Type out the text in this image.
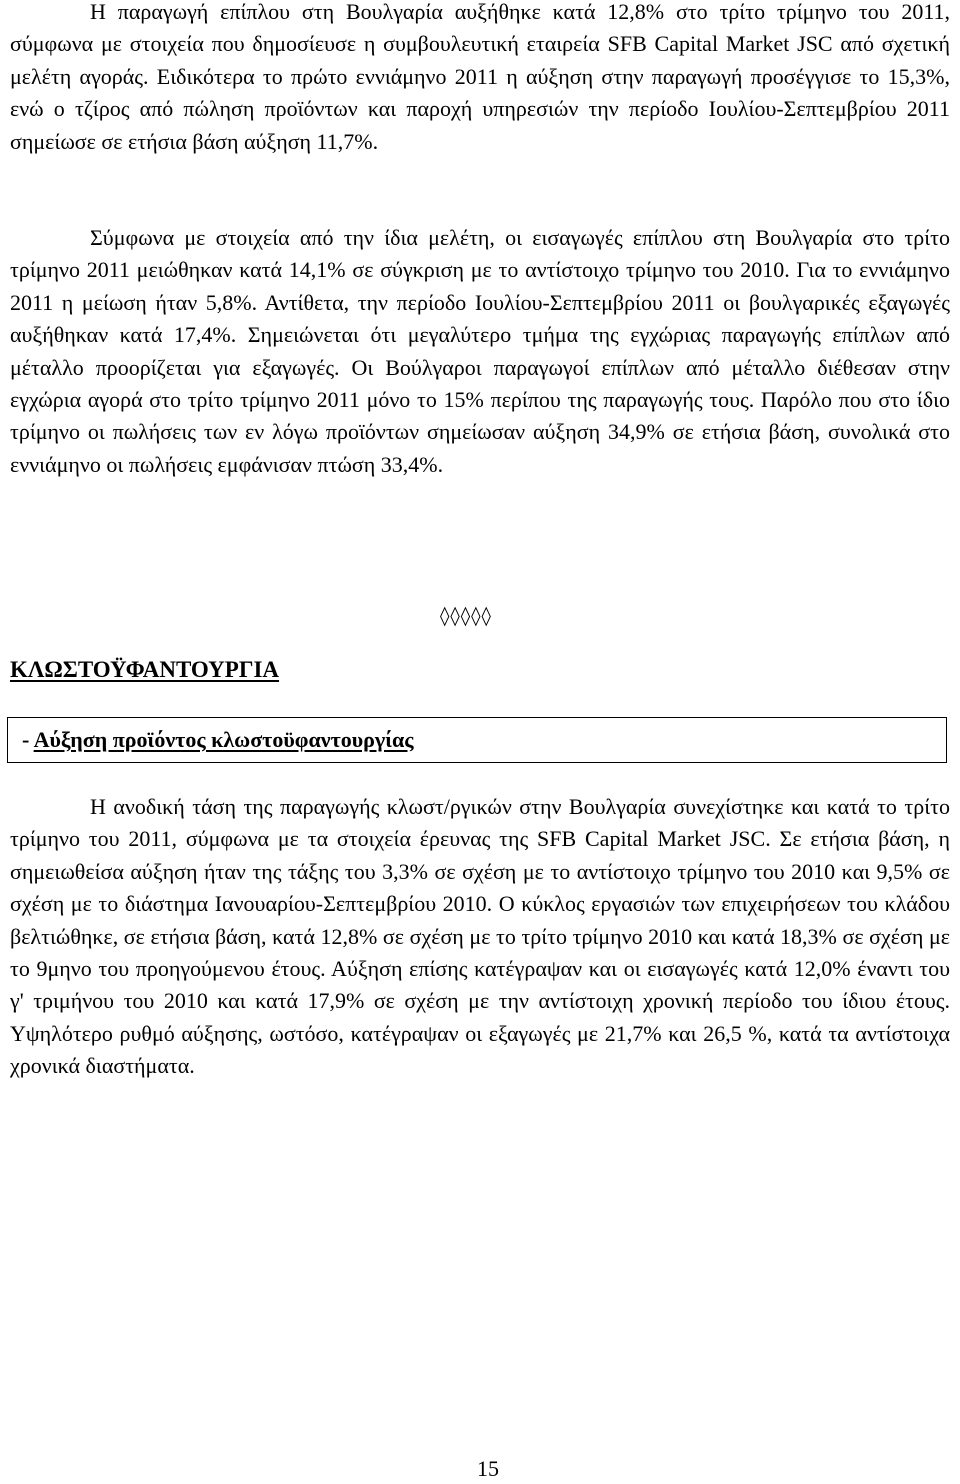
Η παραγωγή επίπλου στη Βουλγαρία αυξήθηκε κατά 12,8% στο τρίτο τρίμηνο του 2011, σύμφωνα με στοιχεία που δημοσίευσε η συμβουλευτική εταιρεία SFB Capital Market JSC από σχετική μελέτη αγοράς. Ειδικότερα το πρώτο εννιάμηνο 2011 η αύξηση στην παραγωγή προσέγγισε το 15,3%, ενώ ο τζίρος από πώληση προϊόντων και παροχή υπηρεσιών την περίοδο Ιουλίου-Σεπτεμβρίου 2011 σημείωσε σε ετήσια βάση αύξηση 11,7%.

Σύμφωνα με στοιχεία από την ίδια μελέτη, οι εισαγωγές επίπλου στη Βουλγαρία στο τρίτο τρίμηνο 2011 μειώθηκαν κατά 14,1% σε σύγκριση με το αντίστοιχο τρίμηνο του 2010. Για το εννιάμηνο 2011 η μείωση ήταν 5,8%. Αντίθετα, την περίοδο Ιουλίου-Σεπτεμβρίου 2011 οι βουλγαρικές εξαγωγές αυξήθηκαν κατά 17,4%. Σημειώνεται ότι μεγαλύτερο τμήμα της εγχώριας παραγωγής επίπλων από μέταλλο προορίζεται για εξαγωγές. Οι Βούλγαροι παραγωγοί επίπλων από μέταλλο διέθεσαν στην εγχώρια αγορά στο τρίτο τρίμηνο 2011 μόνο το 15% περίπου της παραγωγής τους. Παρόλο που στο ίδιο τρίμηνο οι πωλήσεις των εν λόγω προϊόντων σημείωσαν αύξηση 34,9% σε ετήσια βάση, συνολικά στο εννιάμηνο οι πωλήσεις εμφάνισαν πτώση 33,4%.

◊◊◊◊◊
ΚΛΩΣΤΟΫΦΑΝΤΟΥΡΓΙΑ
- Αύξηση προϊόντος κλωστοϋφαντουργίας

Η ανοδική τάση της παραγωγής κλωστ/ργικών στην Βουλγαρία συνεχίστηκε και κατά το τρίτο τρίμηνο του 2011, σύμφωνα με τα στοιχεία έρευνας της SFB Capital Market JSC. Σε ετήσια βάση, η σημειωθείσα αύξηση ήταν της τάξης του 3,3% σε σχέση με το αντίστοιχο τρίμηνο του 2010 και 9,5% σε σχέση με το διάστημα Ιανουαρίου-Σεπτεμβρίου 2010. Ο κύκλος εργασιών των επιχειρήσεων του κλάδου βελτιώθηκε, σε ετήσια βάση, κατά 12,8% σε σχέση με το τρίτο τρίμηνο 2010 και κατά 18,3% σε σχέση με το 9μηνο του προηγούμενου έτους. Αύξηση επίσης κατέγραψαν και οι εισαγωγές κατά 12,0% έναντι του γ' τριμήνου του 2010 και κατά 17,9% σε σχέση με την αντίστοιχη χρονική περίοδο του ίδιου έτους. Υψηλότερο ρυθμό αύξησης, ωστόσο, κατέγραψαν οι εξαγωγές με 21,7% και 26,5 %, κατά τα αντίστοιχα χρονικά διαστήματα.

15
